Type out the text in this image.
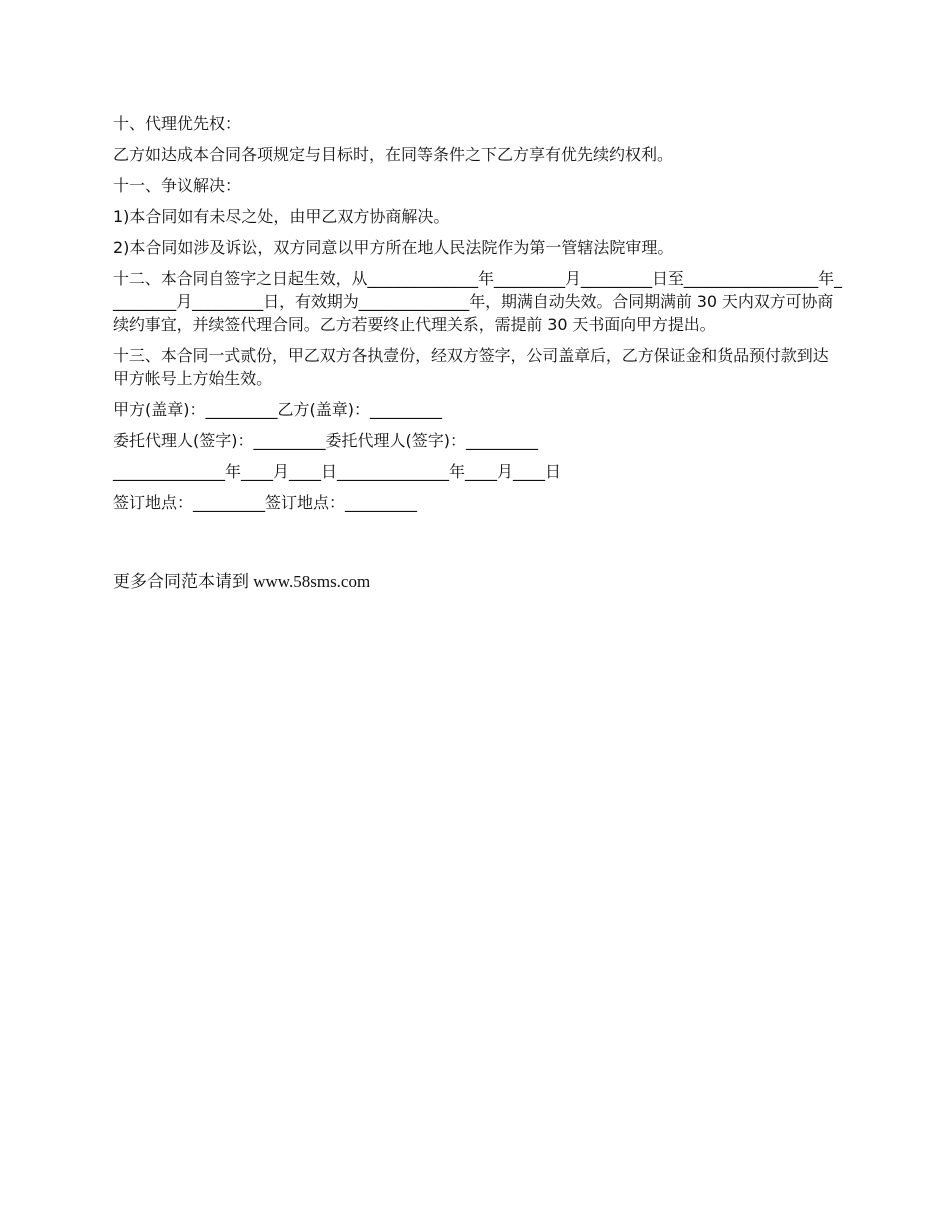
十、代理优先权：
乙方如达成本合同各项规定与目标时，在同等条件之下乙方享有优先续约权利。
十一、争议解决：
1)本合同如有未尽之处，由甲乙双方协商解决。
2)本合同如涉及诉讼，双方同意以甲方所在地人民法院作为第一管辖法院审理。
十二、本合同自签字之日起生效，从______________年_________月_________日至_________________年_________月_________日，有效期为______________年，期满自动失效。合同期满前 30 天内双方可协商续约事宜，并续签代理合同。乙方若要终止代理关系，需提前 30 天书面向甲方提出。
十三、本合同一式贰份，甲乙双方各执壹份，经双方签字，公司盖章后，乙方保证金和货品预付款到达甲方帐号上方始生效。
甲方(盖章)：_________乙方(盖章)：_________
委托代理人(签字)：_________委托代理人(签字)：_________
______________年____月____日______________年____月____日
签订地点：_________签订地点：_________
更多合同范本请到 www.58sms.com
